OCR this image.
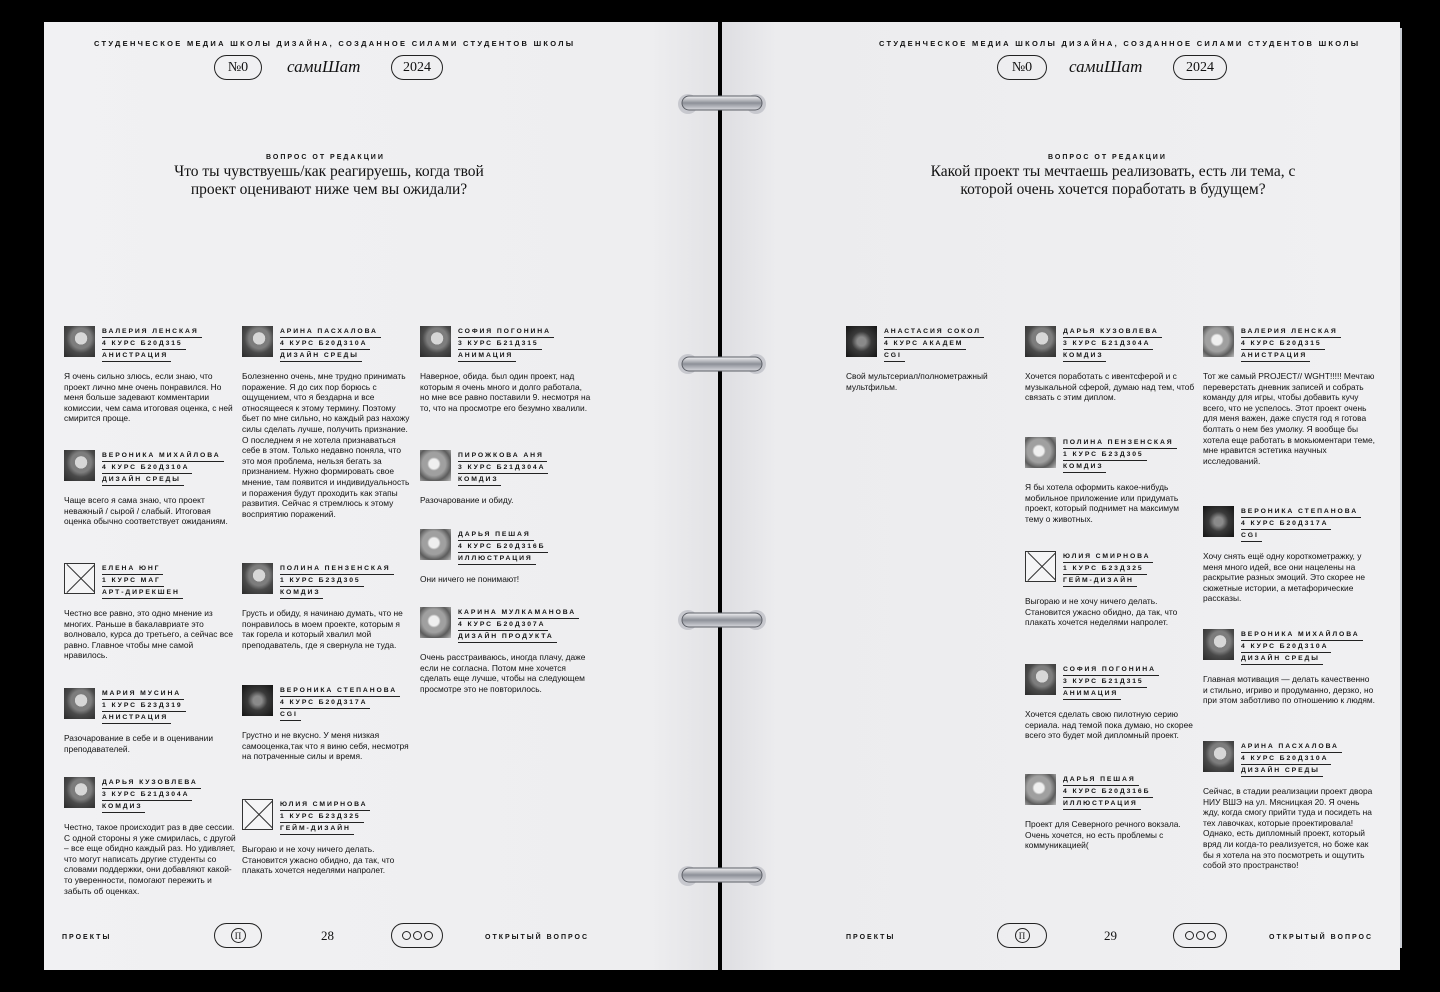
СТУДЕНЧЕСКОЕ МЕДИА ШКОЛЫ ДИЗАЙНА, СОЗДАННОЕ СИЛАМИ СТУДЕНТОВ ШКОЛЫ
№0	самиШат	2024
ВОПРОС ОТ РЕДАКЦИИ
Что ты чувствуешь/как реагируешь, когда твой проект оценивают ниже чем вы ожидали?
ВАЛЕРИЯ ЛЕНСКАЯ
4 КУРС Б20Д315
АНИСТРАЦИЯ
Я очень сильно злюсь, если знаю, что проект лично мне очень понравился. Но меня больше задевают комментарии комиссии, чем сама итоговая оценка, с ней смирится проще.
ВЕРОНИКА МИХАЙЛОВА
4 КУРС Б20Д310А
ДИЗАЙН СРЕДЫ
Чаще всего я сама знаю, что проект неважный / сырой / слабый. Итоговая оценка обычно соответствует ожиданиям.
ЕЛЕНА ЮНГ
1 КУРС МАГ
АРТ-ДИРЕКШЕН
Честно все равно, это одно мнение из многих. Раньше в бакалавриате это волновало, курса до третьего, а сейчас все равно. Главное чтобы мне самой нравилось.
МАРИЯ МУСИНА
1 КУРС Б23Д319
АНИСТРАЦИЯ
Разочарование в себе и в оценивании преподавателей.
ДАРЬЯ КУЗОВЛЕВА
3 КУРС Б21Д304А
КОМДИЗ
Честно, такое происходит раз в две сессии. С одной стороны я уже смирилась, с другой – все еще обидно каждый раз. Но удивляет, что могут написать другие студенты со словами поддержки, они добавляют какой-то уверенности, помогают пережить и забыть об оценках.
АРИНА ПАСХАЛОВА
4 КУРС Б20Д310А
ДИЗАЙН СРЕДЫ
Болезненно очень, мне трудно принимать поражение. Я до сих пор борюсь с ощущением, что я бездарна и все относящееся к этому термину. Поэтому бьет по мне сильно, но каждый раз нахожу силы сделать лучше, получить признание. О последнем я не хотела признаваться себе в этом. Только недавно поняла, что это моя проблема, нельзя бегать за признанием. Нужно формировать свое мнение, там появится и индивидуальность и поражения будут проходить как этапы развития. Сейчас я стремлюсь к этому восприятию поражений.
ПОЛИНА ПЕНЗЕНСКАЯ
1 КУРС Б23Д305
КОМДИЗ
Грусть и обиду, я начинаю думать, что не понравилось в моем проекте, которым я так горела и который хвалил мой преподаватель, где я свернула не туда.
ВЕРОНИКА СТЕПАНОВА
4 КУРС Б20Д317А
CGI
Грустно и не вкусно. У меня низкая самооценка,так что я виню себя, несмотря на потраченные силы и время.
ЮЛИЯ СМИРНОВА
1 КУРС Б23Д325
ГЕЙМ-ДИЗАЙН
Выгораю и не хочу ничего делать. Становится ужасно обидно, да так, что плакать хочется неделями напролет.
СОФИЯ ПОГОНИНА
3 КУРС Б21Д315
АНИМАЦИЯ
Наверное, обида. был один проект, над которым я очень много и долго работала, но мне все равно поставили 9. несмотря на то, что на просмотре его безумно хвалили.
ПИРОЖКОВА АНЯ
3 КУРС Б21Д304А
КОМДИЗ
Разочарование и обиду.
ДАРЬЯ ПЕШАЯ
4 КУРС Б20Д316Б
ИЛЛЮСТРАЦИЯ
Они ничего не понимают!
КАРИНА МУЛКАМАНОВА
4 КУРС Б20Д307А
ДИЗАЙН ПРОДУКТА
Очень расстраиваюсь, иногда плачу, даже если не согласна. Потом мне хочется сделать еще лучше, чтобы на следующем просмотре это не повторилось.
ПРОЕКТЫ	П	28	ОТКРЫТЫЙ ВОПРОС
СТУДЕНЧЕСКОЕ МЕДИА ШКОЛЫ ДИЗАЙНА, СОЗДАННОЕ СИЛАМИ СТУДЕНТОВ ШКОЛЫ
№0	самиШат	2024
ВОПРОС ОТ РЕДАКЦИИ
Какой проект ты мечтаешь реализовать, есть ли тема, с которой очень хочется поработать в будущем?
АНАСТАСИЯ СОКОЛ
4 КУРС АКАДЕМ
CGI
Свой мультсериал/полнометражный мультфильм.
ДАРЬЯ КУЗОВЛЕВА
3 КУРС Б21Д304А
КОМДИЗ
Хочется поработать с ивентсферой и с музыкальной сферой, думаю над тем, чтоб связать с этим диплом.
ПОЛИНА ПЕНЗЕНСКАЯ
1 КУРС Б23Д305
КОМДИЗ
Я бы хотела оформить какое-нибудь мобильное приложение или придумать проект, который поднимет на максимум тему о животных.
ЮЛИЯ СМИРНОВА
1 КУРС Б23Д325
ГЕЙМ-ДИЗАЙН
Выгораю и не хочу ничего делать. Становится ужасно обидно, да так, что плакать хочется неделями напролет.
СОФИЯ ПОГОНИНА
3 КУРС Б21Д315
АНИМАЦИЯ
Хочется сделать свою пилотную серию сериала. над темой пока думаю, но скорее всего это будет мой дипломный проект.
ДАРЬЯ ПЕШАЯ
4 КУРС Б20Д316Б
ИЛЛЮСТРАЦИЯ
Проект для Северного речного вокзала. Очень хочется, но есть проблемы с коммуникацией(
ВАЛЕРИЯ ЛЕНСКАЯ
4 КУРС Б20Д315
АНИСТРАЦИЯ
Тот же самый PROJECT// WGHT!!!!! Мечтаю переверстать дневник записей и собрать команду для игры, чтобы добавить кучу всего, что не успелось. Этот проект очень для меня важен, даже спустя год я готова болтать о нем без умолку. Я вообще бы хотела еще работать в мокьюментари теме, мне нравится эстетика научных исследований.
ВЕРОНИКА СТЕПАНОВА
4 КУРС Б20Д317А
CGI
Хочу снять ещё одну короткометражку, у меня много идей, все они нацелены на раскрытие разных эмоций. Это скорее не сюжетные истории, а метафорические рассказы.
ВЕРОНИКА МИХАЙЛОВА
4 КУРС Б20Д310А
ДИЗАЙН СРЕДЫ
Главная мотивация — делать качественно и стильно, игриво и продуманно, дерзко, но при этом заботливо по отношению к людям.
АРИНА ПАСХАЛОВА
4 КУРС Б20Д310А
ДИЗАЙН СРЕДЫ
Сейчас, в стадии реализации проект двора НИУ ВШЭ на ул. Мясницкая 20. Я очень жду, когда смогу прийти туда и посидеть на тех лавочках, которые проектировала! Однако, есть дипломный проект, который вряд ли когда-то реализуется, но боже как бы я хотела на это посмотреть и ощутить собой это пространство!
ПРОЕКТЫ	П	29	ОТКРЫТЫЙ ВОПРОС
